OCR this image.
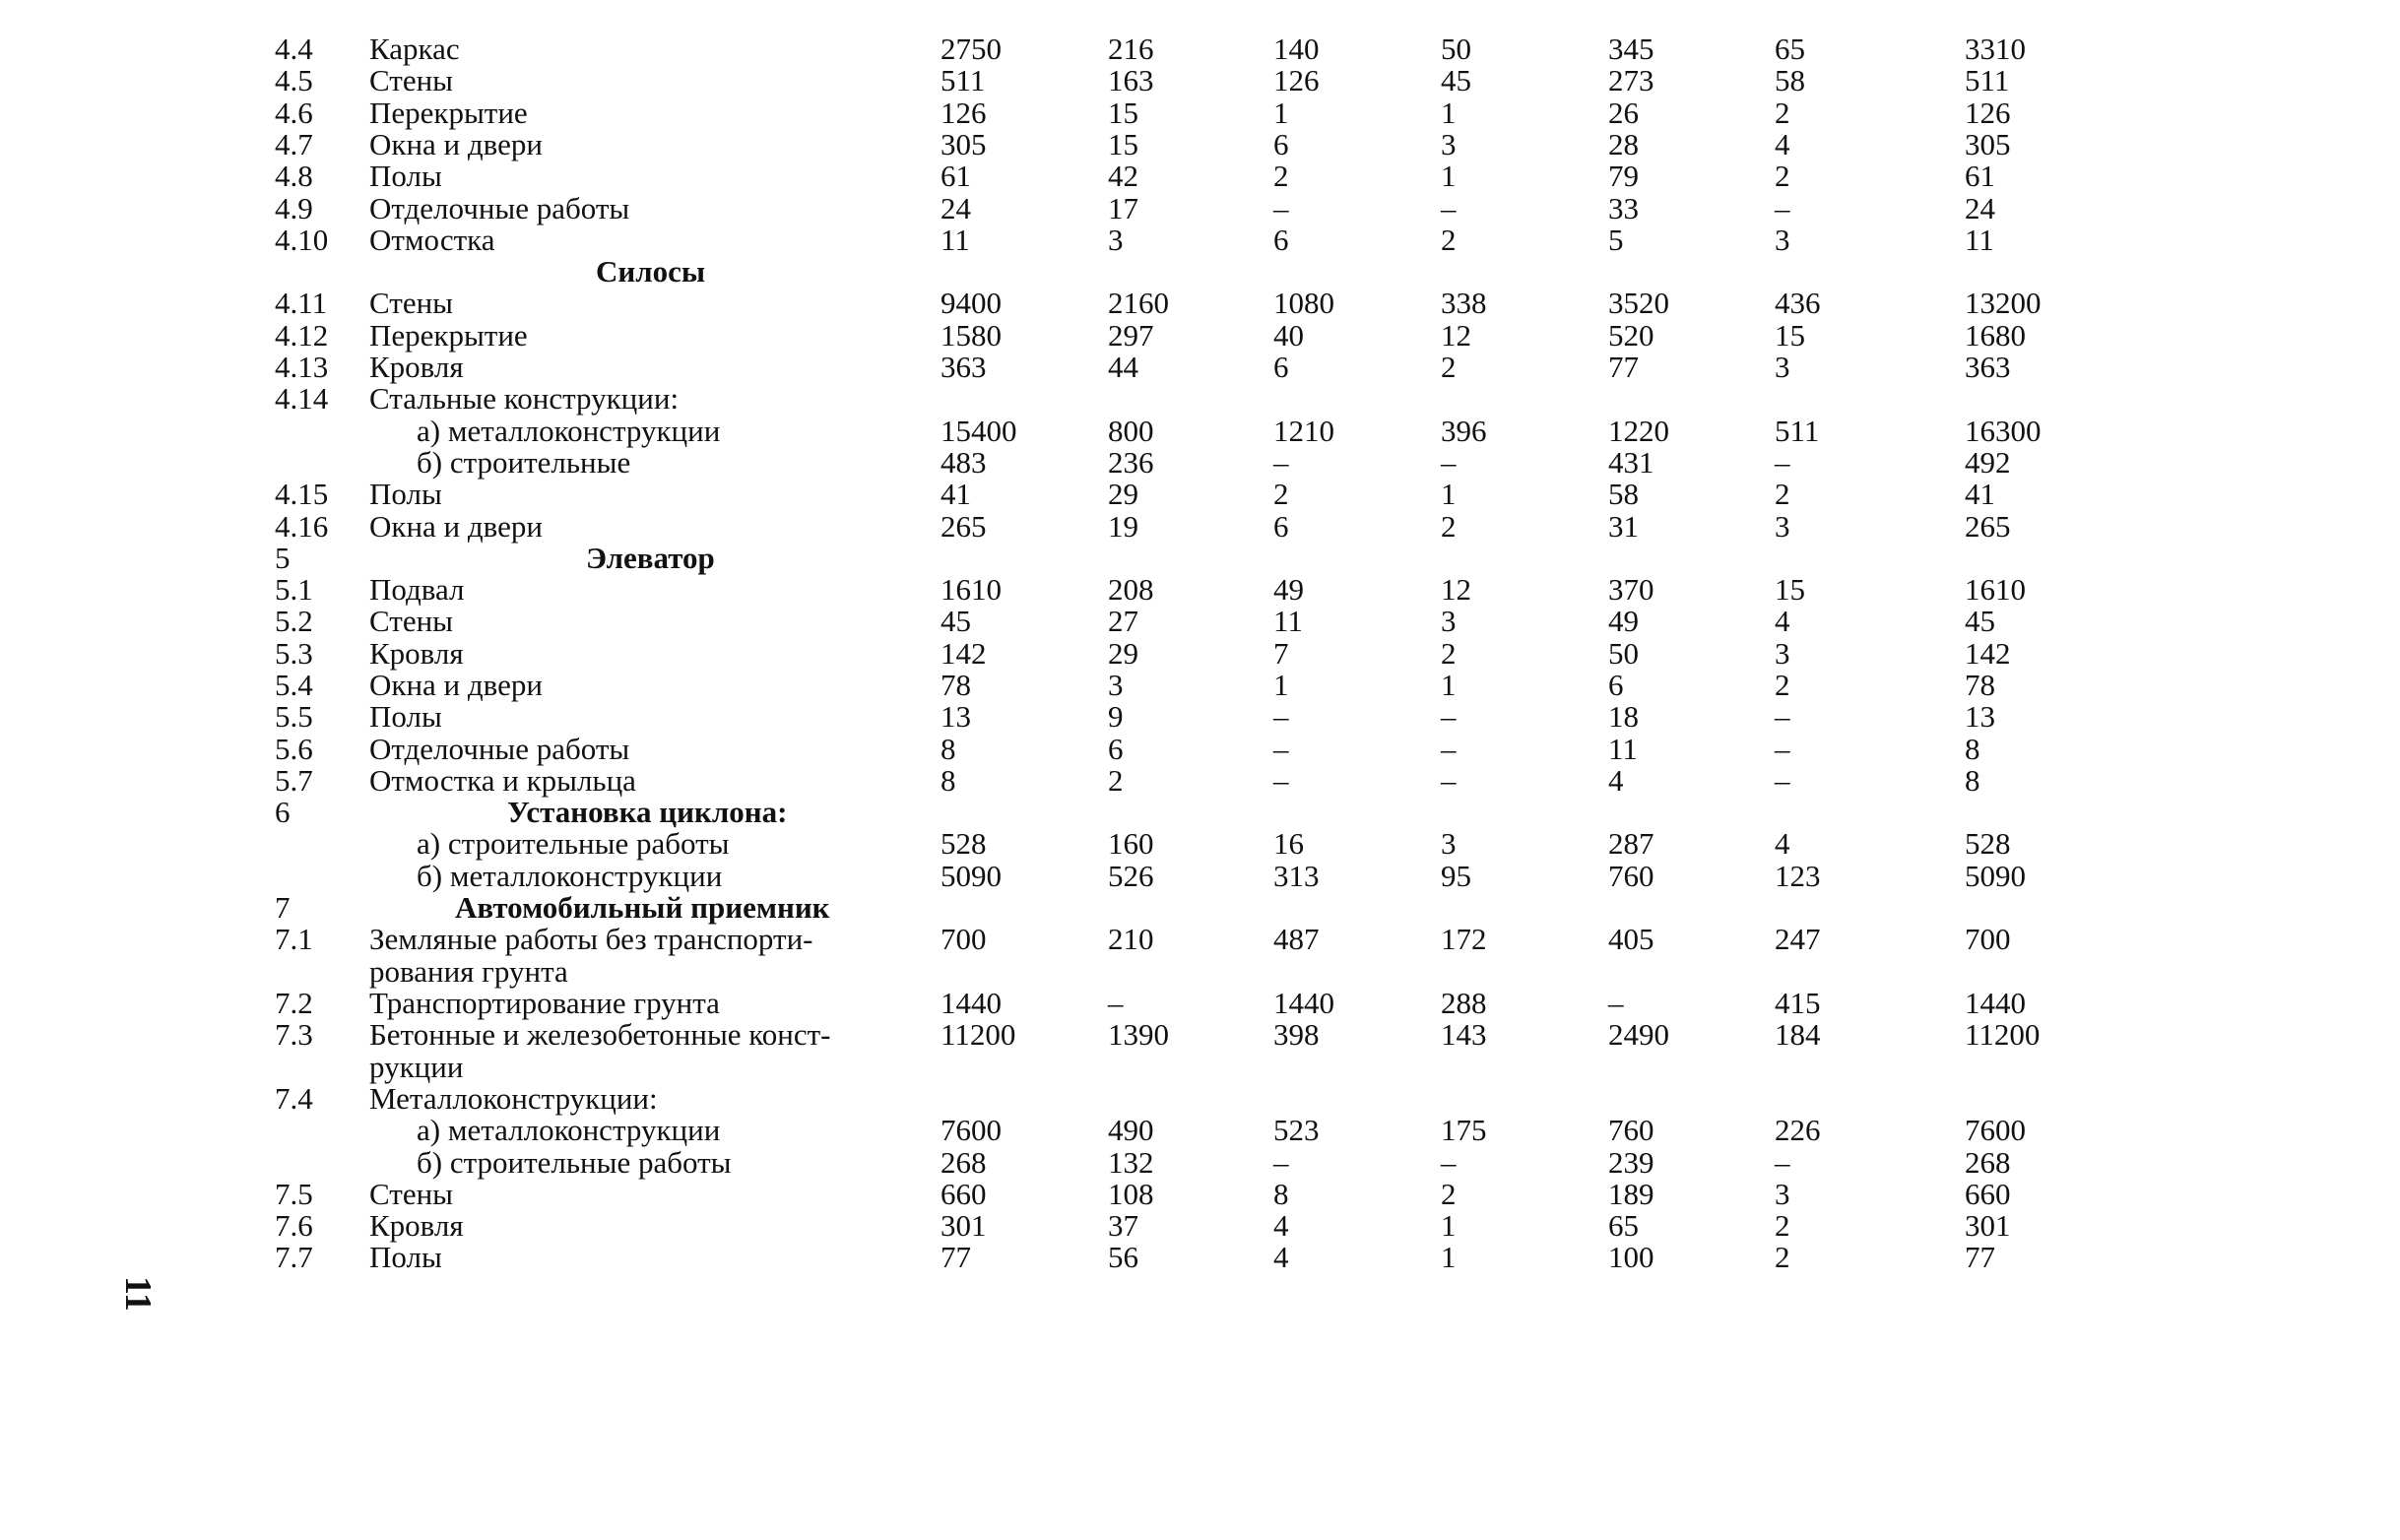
4.4 Каркас	2750	216	140	50	345	65	3310
4.5 Стены	511	163	126	45	273	58	511
4.6 Перекрытие	126	15	1	1	26	2	126
4.7 Окна и двери	305	15	6	3	28	4	305
4.8 Полы	61	42	2	1	79	2	61
4.9 Отделочные работы	24	17	–	–	33	–	24
4.10 Отмостка	11	3	6	2	5	3	11
Силосы
4.11 Стены	9400	2160	1080	338	3520	436	13200
4.12 Перекрытие	1580	297	40	12	520	15	1680
4.13 Кровля	363	44	6	2	77	3	363
4.14 Стальные конструкции:
а) металлоконструкции	15400	800	1210	396	1220	511	16300
б) строительные	483	236	–	–	431	–	492
4.15 Полы	41	29	2	1	58	2	41
4.16 Окна и двери	265	19	6	2	31	3	265
5	Элеватор
5.1 Подвал	1610	208	49	12	370	15	1610
5.2 Стены	45	27	11	3	49	4	45
5.3 Кровля	142	29	7	2	50	3	142
5.4 Окна и двери	78	3	1	1	6	2	78
5.5 Полы	13	9	–	–	18	–	13
5.6 Отделочные работы	8	6	–	–	11	–	8
5.7 Отмостка и крыльца	8	2	–	–	4	–	8
6	Установка циклона:
а) строительные работы	528	160	16	3	287	4	528
б) металлоконструкции	5090	526	313	95	760	123	5090
7	Автомобильный приемник
7.1 Земляные работы без транспорти-	700	210	487	172	405	247	700
рования грунта
7.2 Транспортирование грунта	1440	–	1440	288	–	415	1440
7.3 Бетонные и железобетонные конст-	11200	1390	398	143	2490	184	11200
рукции
7.4 Металлоконструкции:
а) металлоконструкции	7600	490	523	175	760	226	7600
б) строительные работы	268	132	–	–	239	–	268
7.5 Стены	660	108	8	2	189	3	660
7.6 Кровля	301	37	4	1	65	2	301
7.7 Полы	77	56	4	1	100	2	77
11
